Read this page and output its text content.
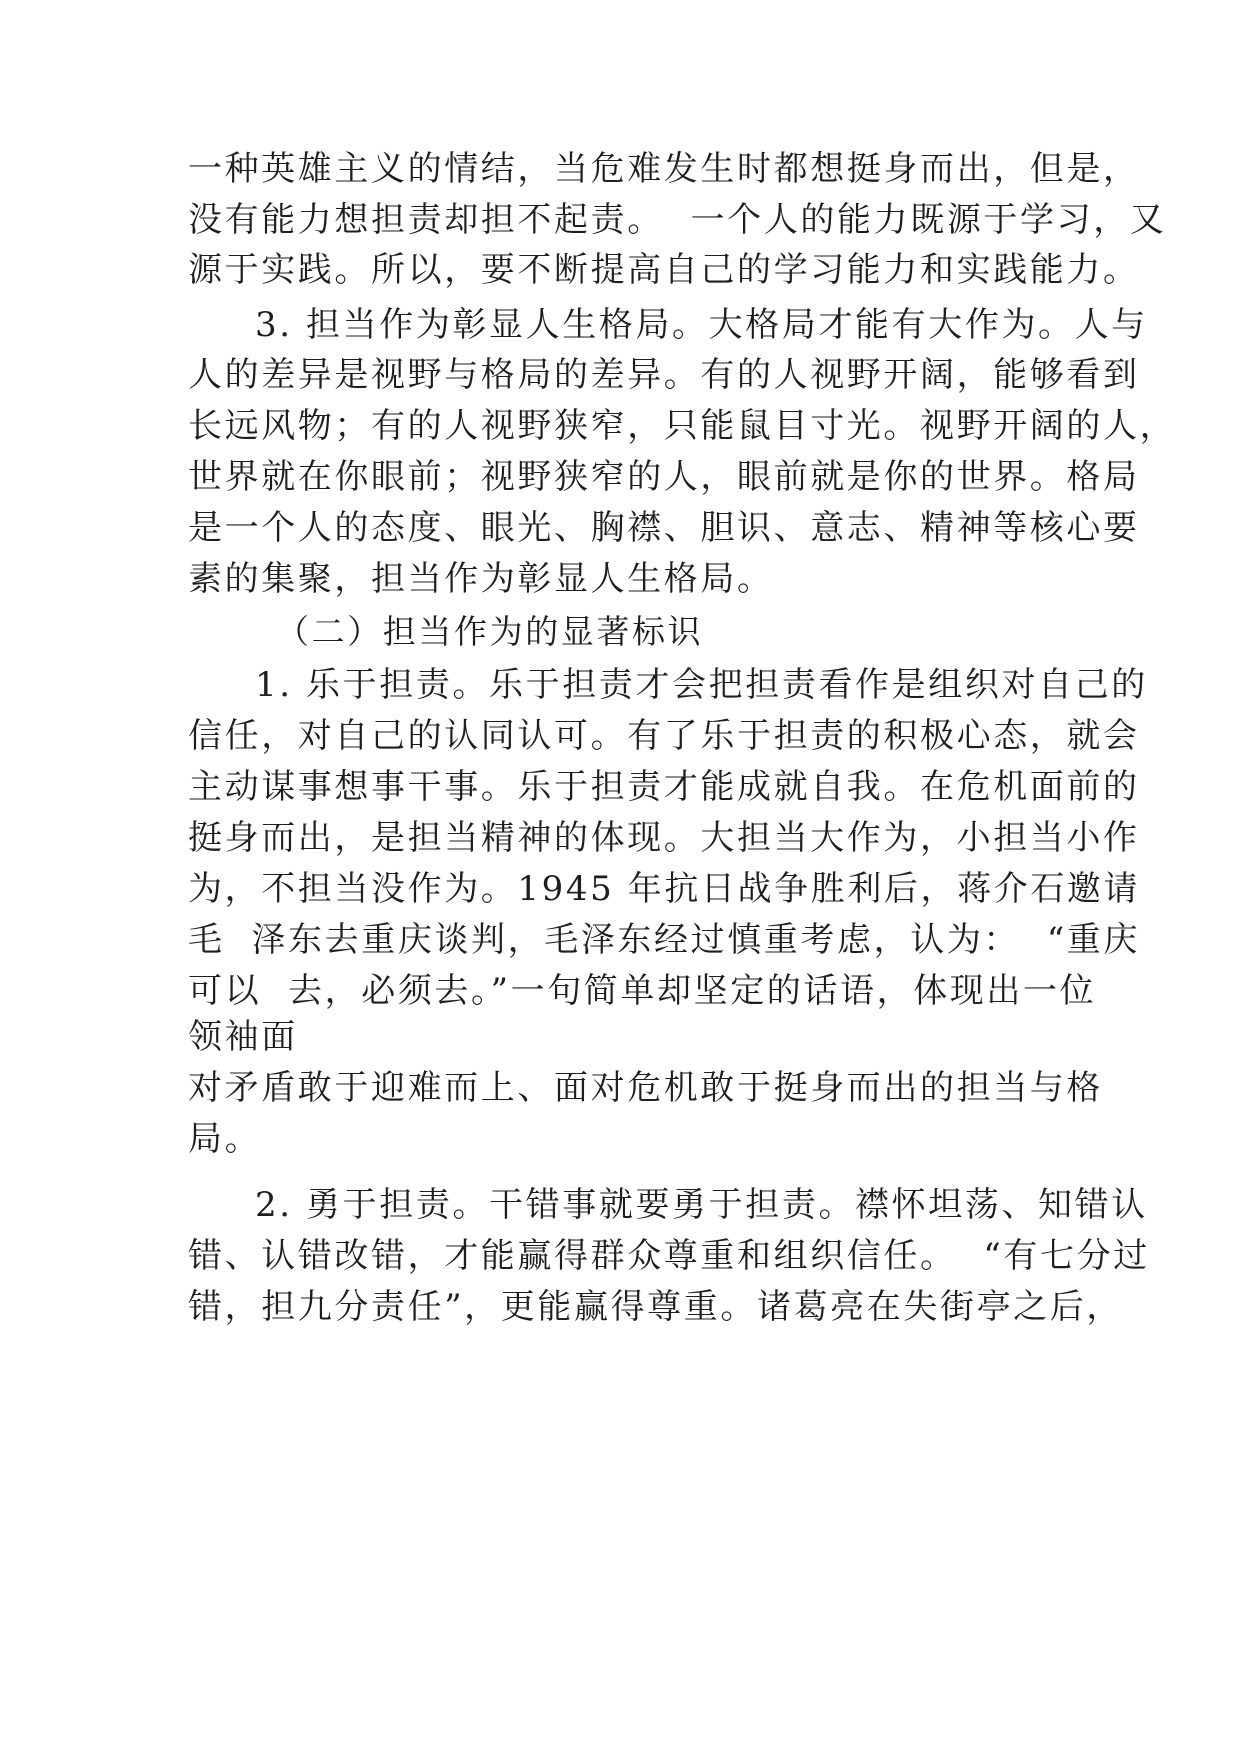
一种英雄主义的情结，当危难发生时都想挺身而出，但是，

没有能力想担责却担不起责。  一个人的能力既源于学习，又

源于实践。所以，要不断提高自己的学习能力和实践能力。

3. 担当作为彰显人生格局。大格局才能有大作为。人与

人的差异是视野与格局的差异。有的人视野开阔，能够看到

长远风物；有的人视野狭窄，只能鼠目寸光。视野开阔的人，

世界就在你眼前；视野狭窄的人，眼前就是你的世界。格局

是一个人的态度、眼光、胸襟、胆识、意志、精神等核心要

素的集聚，担当作为彰显人生格局。

（二）担当作为的显著标识

1. 乐于担责。乐于担责才会把担责看作是组织对自己的

信任，对自己的认同认可。有了乐于担责的积极心态，就会

主动谋事想事干事。乐于担责才能成就自我。在危机面前的

挺身而出，是担当精神的体现。大担当大作为，小担当小作

为，不担当没作为。1945 年抗日战争胜利后，蒋介石邀请

毛  泽东去重庆谈判，毛泽东经过慎重考虑，认为：  “重庆

可以  去，必须去。”一句简单却坚定的话语，体现出一位

领袖面

对矛盾敢于迎难而上、面对危机敢于挺身而出的担当与格

局。

2. 勇于担责。干错事就要勇于担责。襟怀坦荡、知错认

错、认错改错，才能赢得群众尊重和组织信任。  “有七分过

错，担九分责任”，更能赢得尊重。诸葛亮在失街亭之后，
